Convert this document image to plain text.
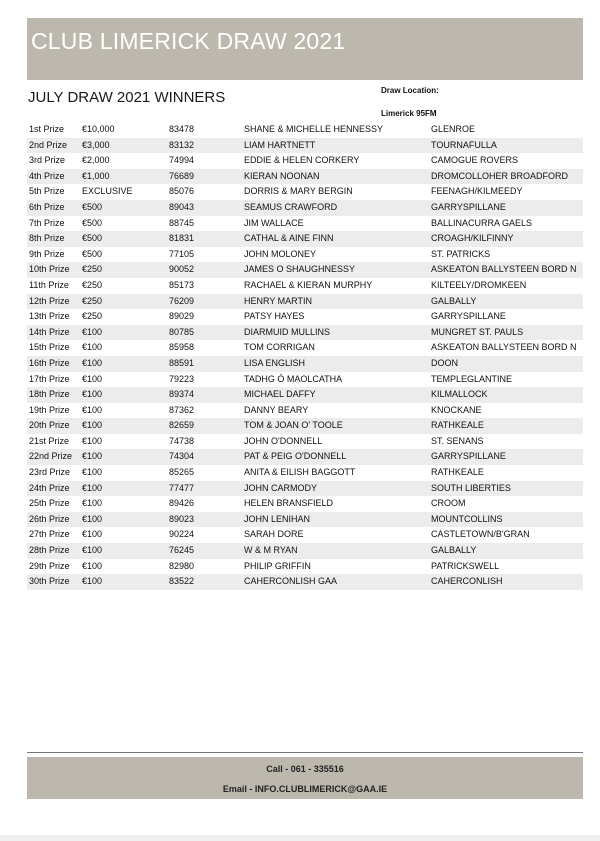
CLUB LIMERICK DRAW 2021
JULY DRAW 2021 WINNERS	Draw Location:
Limerick 95FM
1st Prize	€10,000	83478	SHANE & MICHELLE HENNESSY	GLENROE
2nd Prize	€3,000	83132	LIAM HARTNETT	TOURNAFULLA
3rd Prize	€2,000	74994	EDDIE & HELEN CORKERY	CAMOGUE ROVERS
4th Prize	€1,000	76689	KIERAN NOONAN	DROMCOLLOHER BROADFORD
5th Prize	EXCLUSIVE	85076	DORRIS & MARY BERGIN	FEENAGH/KILMEEDY
6th Prize	€500	89043	SEAMUS CRAWFORD	GARRYSPILLANE
7th Prize	€500	88745	JIM WALLACE	BALLINACURRA GAELS
8th Prize	€500	81831	CATHAL & AINE FINN	CROAGH/KILFINNY
9th Prize	€500	77105	JOHN MOLONEY	ST. PATRICKS
10th Prize	€250	90052	JAMES O SHAUGHNESSY	ASKEATON BALLYSTEEN BORD N
11th Prize	€250	85173	RACHAEL & KIERAN MURPHY	KILTEELY/DROMKEEN
12th Prize	€250	76209	HENRY MARTIN	GALBALLY
13th Prize	€250	89029	PATSY HAYES	GARRYSPILLANE
14th Prize	€100	80785	DIARMUID MULLINS	MUNGRET ST. PAULS
15th Prize	€100	85958	TOM CORRIGAN	ASKEATON BALLYSTEEN BORD N
16th Prize	€100	88591	LISA ENGLISH	DOON
17th Prize	€100	79223	TADHG Ó MAOLCATHA	TEMPLEGLANTINE
18th Prize	€100	89374	MICHAEL DAFFY	KILMALLOCK
19th Prize	€100	87362	DANNY BEARY	KNOCKANE
20th Prize	€100	82659	TOM & JOAN O' TOOLE	RATHKEALE
21st Prize	€100	74738	JOHN O'DONNELL	ST. SENANS
22nd Prize	€100	74304	PAT & PEIG O'DONNELL	GARRYSPILLANE
23rd Prize	€100	85265	ANITA & EILISH BAGGOTT	RATHKEALE
24th Prize	€100	77477	JOHN CARMODY	SOUTH LIBERTIES
25th Prize	€100	89426	HELEN BRANSFIELD	CROOM
26th Prize	€100	89023	JOHN LENIHAN	MOUNTCOLLINS
27th Prize	€100	90224	SARAH DORE	CASTLETOWN/B'GRAN
28th Prize	€100	76245	W & M RYAN	GALBALLY
29th Prize	€100	82980	PHILIP GRIFFIN	PATRICKSWELL
30th Prize	€100	83522	CAHERCONLISH GAA	CAHERCONLISH
Call - 061 - 335516
Email - INFO.CLUBLIMERICK@GAA.IE
